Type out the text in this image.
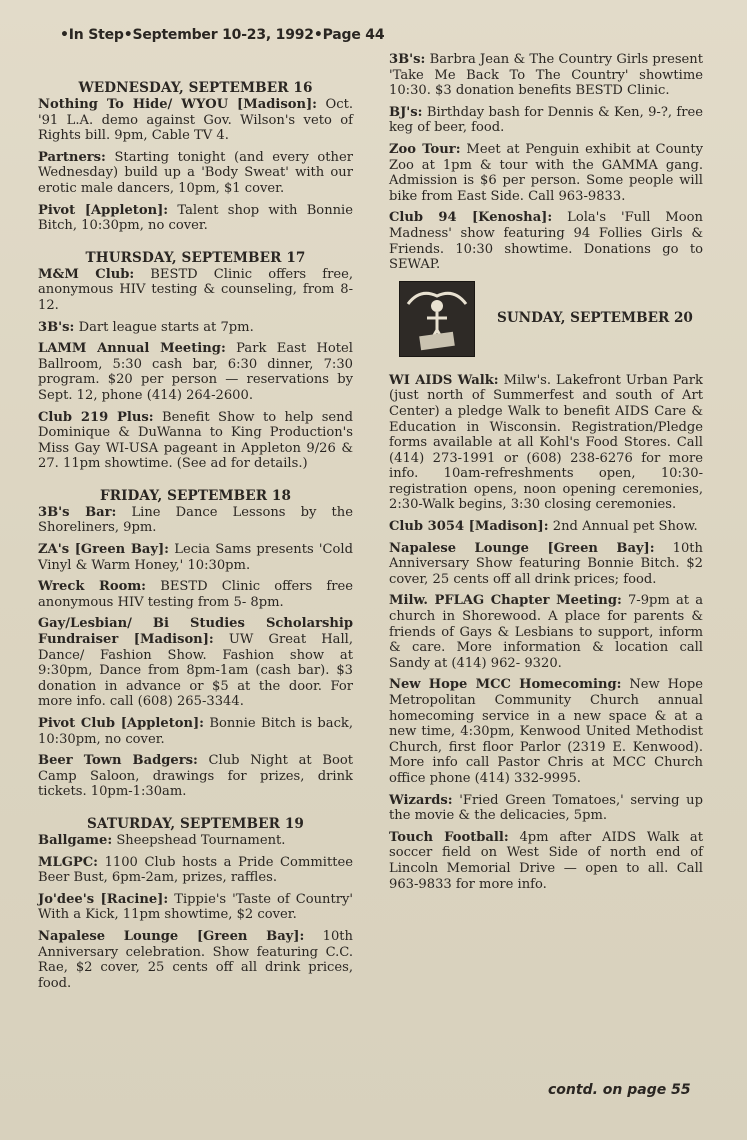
•In Step•September 10-23, 1992•Page 44
WEDNESDAY, SEPTEMBER 16

Nothing To Hide/ WYOU [Madison]: Oct. '91 L.A. demo against Gov. Wilson's veto of Rights bill. 9pm, Cable TV 4.

Partners: Starting tonight (and every other Wednesday) build up a 'Body Sweat' with our erotic male dancers, 10pm, $1 cover.

Pivot [Appleton]: Talent shop with Bonnie Bitch, 10:30pm, no cover.

THURSDAY, SEPTEMBER 17

M&M Club: BESTD Clinic offers free, anonymous HIV testing & counseling, from 8-12.

3B's: Dart league starts at 7pm.

LAMM Annual Meeting: Park East Hotel Ballroom, 5:30 cash bar, 6:30 dinner, 7:30 program. $20 per person — reservations by Sept. 12, phone (414) 264-2600.

Club 219 Plus: Benefit Show to help send Dominique & DuWanna to King Production's Miss Gay WI-USA pageant in Appleton 9/26 & 27. 11pm showtime. (See ad for details.)

FRIDAY, SEPTEMBER 18

3B's Bar: Line Dance Lessons by the Shoreliners, 9pm.

ZA's [Green Bay]: Lecia Sams presents 'Cold Vinyl & Warm Honey,' 10:30pm.

Wreck Room: BESTD Clinic offers free anonymous HIV testing from 5- 8pm.

Gay/Lesbian/ Bi Studies Scholarship Fundraiser [Madison]: UW Great Hall, Dance/ Fashion Show. Fashion show at 9:30pm, Dance from 8pm-1am (cash bar). $3 donation in advance or $5 at the door. For more info. call (608) 265-3344.

Pivot Club [Appleton]: Bonnie Bitch is back, 10:30pm, no cover.

Beer Town Badgers: Club Night at Boot Camp Saloon, drawings for prizes, drink tickets. 10pm-1:30am.

SATURDAY, SEPTEMBER 19

Ballgame: Sheepshead Tournament.

MLGPC: 1100 Club hosts a Pride Committee Beer Bust, 6pm-2am, prizes, raffles.

Jo'dee's [Racine]: Tippie's 'Taste of Country' With a Kick, 11pm showtime, $2 cover.

Napalese Lounge [Green Bay]: 10th Anniversary celebration. Show featuring C.C. Rae, $2 cover, 25 cents off all drink prices, food.

3B's: Barbra Jean & The Country Girls present 'Take Me Back To The Country' showtime 10:30. $3 donation benefits BESTD Clinic.

BJ's: Birthday bash for Dennis & Ken, 9-?, free keg of beer, food.

Zoo Tour: Meet at Penguin exhibit at County Zoo at 1pm & tour with the GAMMA gang. Admission is $6 per person. Some people will bike from East Side. Call 963-9833.

Club 94 [Kenosha]: Lola's 'Full Moon Madness' show featuring 94 Follies Girls & Friends. 10:30 showtime. Donations go to SEWAP.

SUNDAY, SEPTEMBER 20

WI AIDS Walk: Milw's. Lakefront Urban Park (just north of Summerfest and south of Art Center) a pledge Walk to benefit AIDS Care & Education in Wisconsin. Registration/Pledge forms available at all Kohl's Food Stores. Call (414) 273-1991 or (608) 238-6276 for more info. 10am-refreshments open, 10:30- registration opens, noon opening ceremonies, 2:30-Walk begins, 3:30 closing ceremonies.

Club 3054 [Madison]: 2nd Annual pet Show.

Napalese Lounge [Green Bay]: 10th Anniversary Show featuring Bonnie Bitch. $2 cover, 25 cents off all drink prices; food.

Milw. PFLAG Chapter Meeting: 7-9pm at a church in Shorewood. A place for parents & friends of Gays & Lesbians to support, inform & care. More information & location call Sandy at (414) 962- 9320.

New Hope MCC Homecoming: New Hope Metropolitan Community Church annual homecoming service in a new space & at a new time, 4:30pm, Kenwood United Methodist Church, first floor Parlor (2319 E. Kenwood). More info call Pastor Chris at MCC Church office phone (414) 332-9995.

Wizards: 'Fried Green Tomatoes,' serving up the movie & the delicacies, 5pm.

Touch Football: 4pm after AIDS Walk at soccer field on West Side of north end of Lincoln Memorial Drive — open to all. Call 963-9833 for more info.

contd. on page 55
